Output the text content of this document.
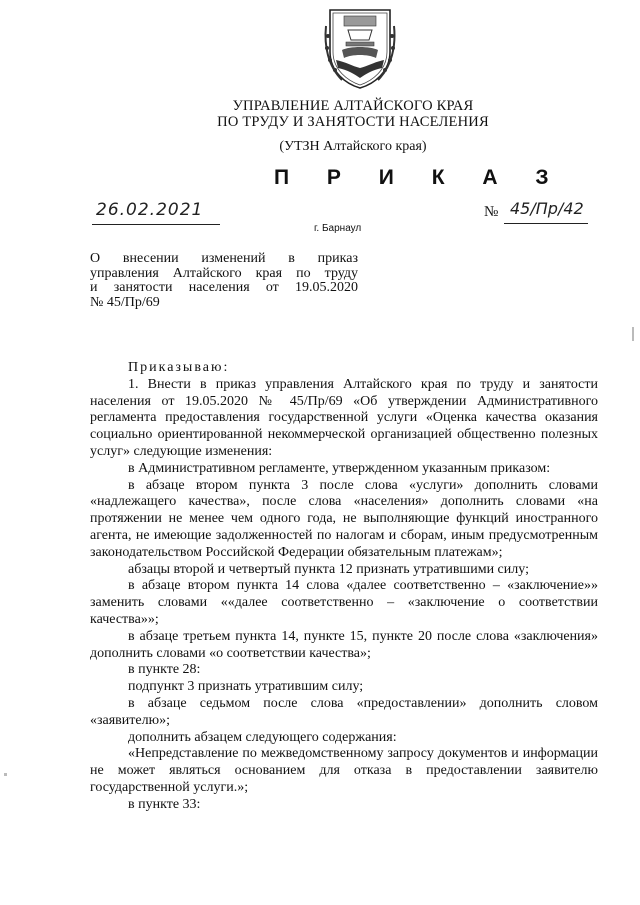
УПРАВЛЕНИЕ АЛТАЙСКОГО КРАЯ
ПО ТРУДУ И ЗАНЯТОСТИ НАСЕЛЕНИЯ
(УТЗН Алтайского края)
П Р И К А З
26.02.2021
г. Барнаул
№ 45/Пр/42
О внесении изменений в приказ
управления Алтайского края по труду
и занятости населения от 19.05.2020
№ 45/Пр/69
Приказываю:

1. Внести в приказ управления Алтайского края по труду и занятости населения от 19.05.2020 № 45/Пр/69 «Об утверждении Административного регламента предоставления государственной услуги «Оценка качества оказания социально ориентированной некоммерческой организацией общественно полезных услуг» следующие изменения:

в Административном регламенте, утвержденном указанным приказом:

в абзаце втором пункта 3 после слова «услуги» дополнить словами «надлежащего качества», после слова «населения» дополнить словами «на протяжении не менее чем одного года, не выполняющие функций иностранного агента, не имеющие задолженностей по налогам и сборам, иным предусмотренным законодательством Российской Федерации обязательным платежам»;

абзацы второй и четвертый пункта 12 признать утратившими силу;

в абзаце втором пункта 14 слова «далее соответственно – «заключение»» заменить словами ««далее соответственно – «заключение о соответствии качества»»;

в абзаце третьем пункта 14, пункте 15, пункте 20 после слова «заключения» дополнить словами «о соответствии качества»;

в пункте 28:

подпункт 3 признать утратившим силу;

в абзаце седьмом после слова «предоставлении» дополнить словом «заявителю»;

дополнить абзацем следующего содержания:

«Непредставление по межведомственному запросу документов и информации не может являться основанием для отказа в предоставлении заявителю государственной услуги.»;

в пункте 33:
